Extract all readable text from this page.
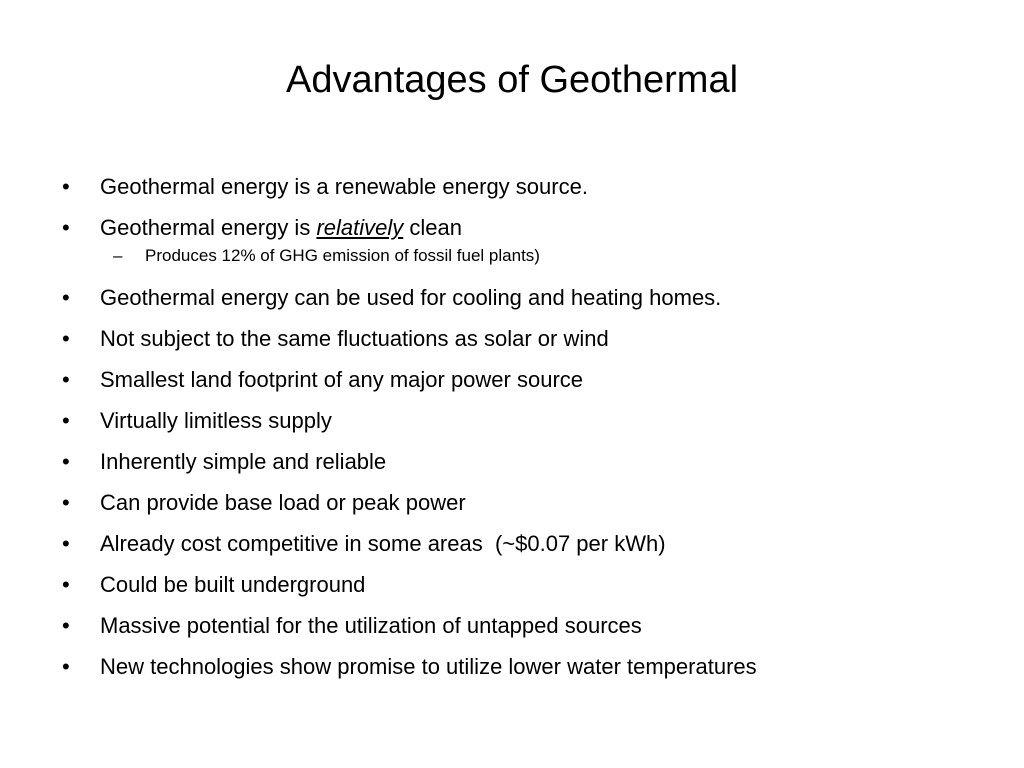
Advantages of Geothermal
•	Geothermal energy is a renewable energy source.
•	Geothermal energy is relatively clean
– Produces 12% of GHG emission of fossil fuel plants)
•	Geothermal energy can be used for cooling and heating homes.
•	Not subject to the same fluctuations as solar or wind
•	Smallest land footprint of any major power source
•	Virtually limitless supply
•	Inherently simple and reliable
•	Can provide base load or peak power
•	Already cost competitive in some areas  (~$0.07 per kWh)
•	Could be built underground
•	Massive potential for the utilization of untapped sources
•	New technologies show promise to utilize lower water temperatures
